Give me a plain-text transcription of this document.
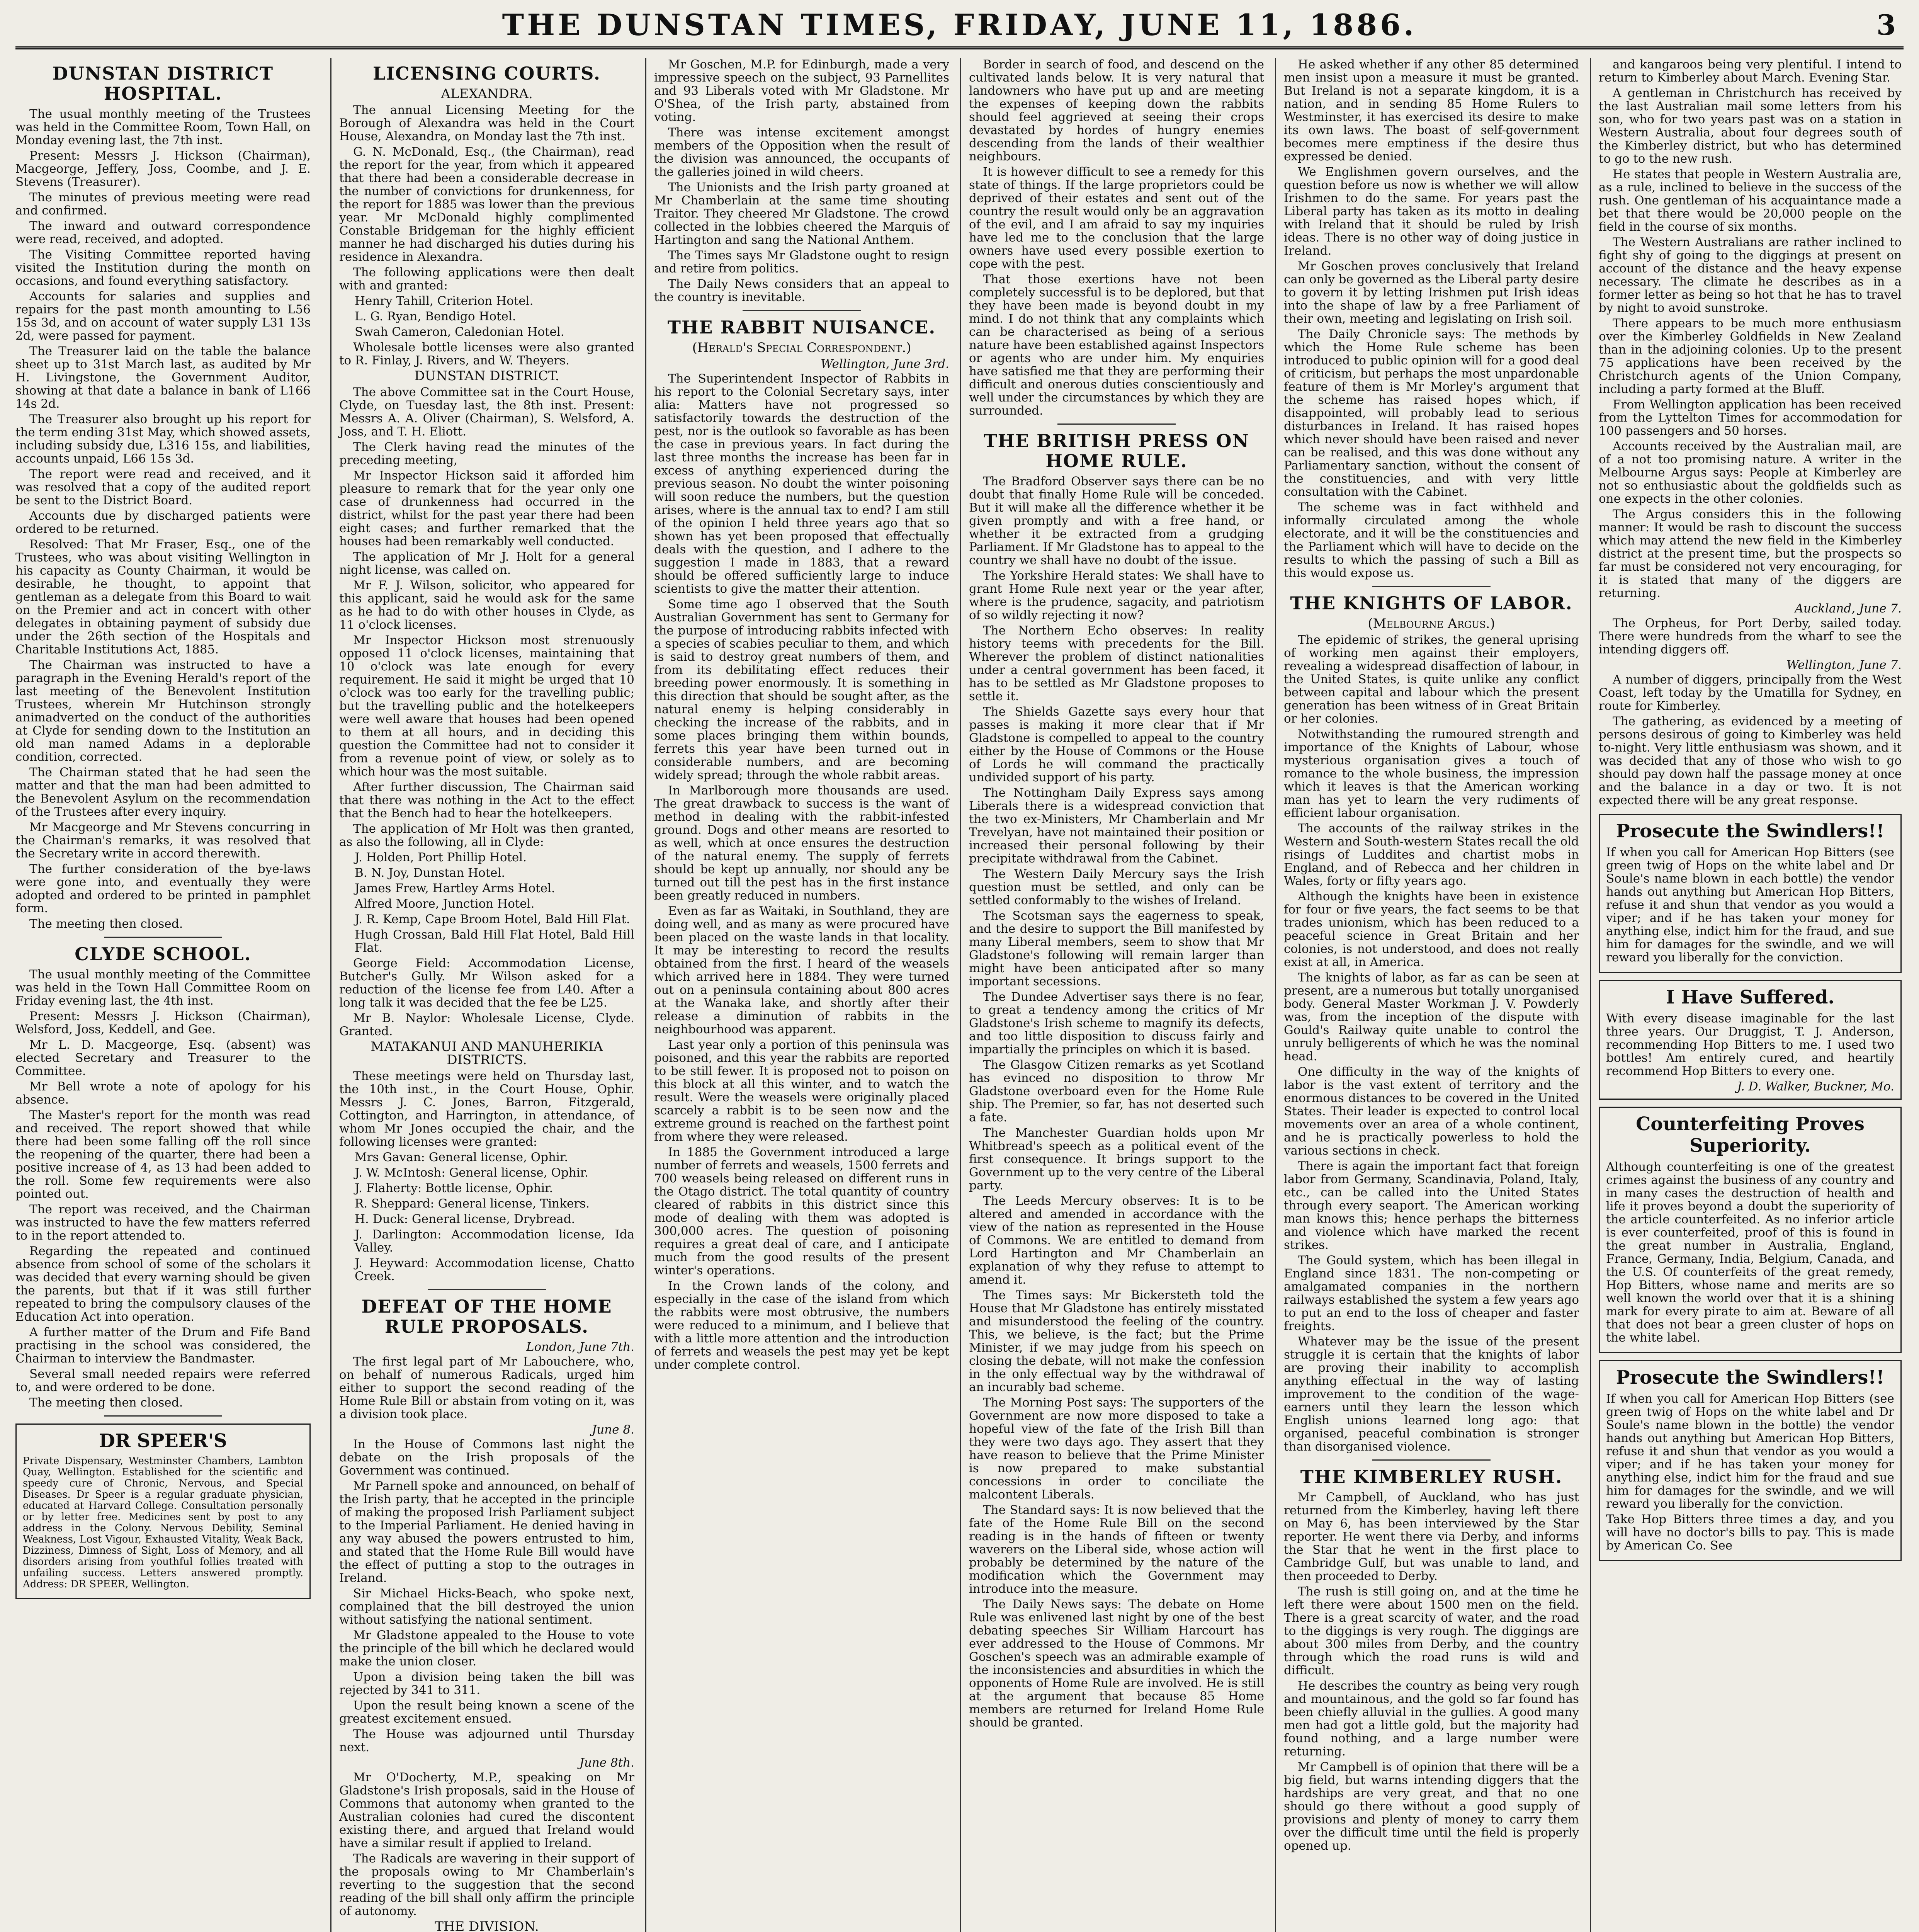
THE DUNSTAN TIMES, FRIDAY, JUNE 11, 1886.	3
DUNSTAN DISTRICT HOSPITAL.

The usual monthly meeting of the Trustees was held in the Committee Room, Town Hall, on Monday evening last, the 7th inst.

Present: Messrs J. Hickson (Chairman), Macgeorge, Jeffery, Joss, Coombe, and J. E. Stevens (Treasurer).

The minutes of previous meeting were read and confirmed.

The inward and outward correspondence were read, received, and adopted.

The Visiting Committee reported having visited the Institution during the month on occasions, and found everything satisfactory.

Accounts for salaries and supplies and repairs for the past month amounting to L56 15s 3d, and on account of water supply L31 13s 2d, were passed for payment.

The Treasurer laid on the table the balance sheet up to 31st March last, as audited by Mr H. Livingstone, the Government Auditor, showing at that date a balance in bank of L166 14s 2d.

The Treasurer also brought up his report for the term ending 31st May, which showed assets, including subsidy due, L316 15s, and liabilities, accounts unpaid, L66 15s 3d.

The report were read and received, and it was resolved that a copy of the audited report be sent to the District Board.

Accounts due by discharged patients were ordered to be returned.

Resolved: That Mr Fraser, Esq., one of the Trustees, who was about visiting Wellington in his capacity as County Chairman, it would be desirable, he thought, to appoint that gentleman as a delegate from this Board to wait on the Premier and act in concert with other delegates in obtaining payment of subsidy due under the 26th section of the Hospitals and Charitable Institutions Act, 1885.

The Chairman was instructed to have a paragraph in the Evening Herald's report of the last meeting of the Benevolent Institution Trustees, wherein Mr Hutchinson strongly animadverted on the conduct of the authorities at Clyde for sending down to the Institution an old man named Adams in a deplorable condition, corrected.

The Chairman stated that he had seen the matter and that the man had been admitted to the Benevolent Asylum on the recommendation of the Trustees after every inquiry.

Mr Macgeorge and Mr Stevens concurring in the Chairman's remarks, it was resolved that the Secretary write in accord therewith.

The further consideration of the bye-laws were gone into, and eventually they were adopted and ordered to be printed in pamphlet form.

The meeting then closed.

CLYDE SCHOOL.

The usual monthly meeting of the Committee was held in the Town Hall Committee Room on Friday evening last, the 4th inst.

Present: Messrs J. Hickson (Chairman), Welsford, Joss, Keddell, and Gee.

Mr L. D. Macgeorge, Esq. (absent) was elected Secretary and Treasurer to the Committee.

Mr Bell wrote a note of apology for his absence.

The Master's report for the month was read and received. The report showed that while there had been some falling off the roll since the reopening of the quarter, there had been a positive increase of 4, as 13 had been added to the roll. Some few requirements were also pointed out.

The report was received, and the Chairman was instructed to have the few matters referred to in the report attended to.

Regarding the repeated and continued absence from school of some of the scholars it was decided that every warning should be given the parents, but that if it was still further repeated to bring the compulsory clauses of the Education Act into operation.

A further matter of the Drum and Fife Band practising in the school was considered, the Chairman to interview the Bandmaster.

Several small needed repairs were referred to, and were ordered to be done.

The meeting then closed.

DR SPEER'S

Private Dispensary, Westminster Chambers, Lambton Quay, Wellington. Established for the scientific and speedy cure of Chronic, Nervous, and Special Diseases. Dr Speer is a regular graduate physician, educated at Harvard College. Consultation personally or by letter free. Medicines sent by post to any address in the Colony. Nervous Debility, Seminal Weakness, Lost Vigour, Exhausted Vitality, Weak Back, Dizziness, Dimness of Sight, Loss of Memory, and all disorders arising from youthful follies treated with unfailing success. Letters answered promptly. Address: DR SPEER, Wellington.

LICENSING COURTS.
ALEXANDRA.

The annual Licensing Meeting for the Borough of Alexandra was held in the Court House, Alexandra, on Monday last the 7th inst.

G. N. McDonald, Esq., (the Chairman), read the report for the year, from which it appeared that there had been a considerable decrease in the number of convictions for drunkenness, for the report for 1885 was lower than the previous year. Mr McDonald highly complimented Constable Bridgeman for the highly efficient manner he had discharged his duties during his residence in Alexandra.

The following applications were then dealt with and granted:

Henry Tahill, Criterion Hotel.

L. G. Ryan, Bendigo Hotel.

Swah Cameron, Caledonian Hotel.

Wholesale bottle licenses were also granted to R. Finlay, J. Rivers, and W. Theyers.

DUNSTAN DISTRICT.

The above Committee sat in the Court House, Clyde, on Tuesday last, the 8th inst. Present: Messrs A. A. Oliver (Chairman), S. Welsford, A. Joss, and T. H. Eliott.

The Clerk having read the minutes of the preceding meeting,

Mr Inspector Hickson said it afforded him pleasure to remark that for the year only one case of drunkenness had occurred in the district, whilst for the past year there had been eight cases; and further remarked that the houses had been remarkably well conducted.

The application of Mr J. Holt for a general night license, was called on.

Mr F. J. Wilson, solicitor, who appeared for this applicant, said he would ask for the same as he had to do with other houses in Clyde, as 11 o'clock licenses.

Mr Inspector Hickson most strenuously opposed 11 o'clock licenses, maintaining that 10 o'clock was late enough for every requirement. He said it might be urged that 10 o'clock was too early for the travelling public; but the travelling public and the hotelkeepers were well aware that houses had been opened to them at all hours, and in deciding this question the Committee had not to consider it from a revenue point of view, or solely as to which hour was the most suitable.

After further discussion, The Chairman said that there was nothing in the Act to the effect that the Bench had to hear the hotelkeepers.

The application of Mr Holt was then granted, as also the following, all in Clyde:

J. Holden, Port Phillip Hotel.

B. N. Joy, Dunstan Hotel.

James Frew, Hartley Arms Hotel.

Alfred Moore, Junction Hotel.

J. R. Kemp, Cape Broom Hotel, Bald Hill Flat.

Hugh Crossan, Bald Hill Flat Hotel, Bald Hill Flat.

George Field: Accommodation License, Butcher's Gully. Mr Wilson asked for a reduction of the license fee from L40. After a long talk it was decided that the fee be L25.

Mr B. Naylor: Wholesale License, Clyde. Granted.

MATAKANUI AND MANUHERIKIA DISTRICTS.

These meetings were held on Thursday last, the 10th inst., in the Court House, Ophir. Messrs J. C. Jones, Barron, Fitzgerald, Cottington, and Harrington, in attendance, of whom Mr Jones occupied the chair, and the following licenses were granted:

Mrs Gavan: General license, Ophir.

J. W. McIntosh: General license, Ophir.

J. Flaherty: Bottle license, Ophir.

R. Sheppard: General license, Tinkers.

H. Duck: General license, Drybread.

J. Darlington: Accommodation license, Ida Valley.

J. Heyward: Accommodation license, Chatto Creek.

DEFEAT OF THE HOME RULE PROPOSALS.
London, June 7th.

The first legal part of Mr Labouchere, who, on behalf of numerous Radicals, urged him either to support the second reading of the Home Rule Bill or abstain from voting on it, was a division took place.

June 8.

In the House of Commons last night the debate on the Irish proposals of the Government was continued.

Mr Parnell spoke and announced, on behalf of the Irish party, that he accepted in the principle of making the proposed Irish Parliament subject to the Imperial Parliament. He denied having in any way abused the powers entrusted to him, and stated that the Home Rule Bill would have the effect of putting a stop to the outrages in Ireland.

Sir Michael Hicks-Beach, who spoke next, complained that the bill destroyed the union without satisfying the national sentiment.

Mr Gladstone appealed to the House to vote the principle of the bill which he declared would make the union closer.

Upon a division being taken the bill was rejected by 341 to 311.

Upon the result being known a scene of the greatest excitement ensued.

The House was adjourned until Thursday next.

June 8th.

Mr O'Docherty, M.P., speaking on Mr Gladstone's Irish proposals, said in the House of Commons that autonomy when granted to the Australian colonies had cured the discontent existing there, and argued that Ireland would have a similar result if applied to Ireland.

The Radicals are wavering in their support of the proposals owing to Mr Chamberlain's reverting to the suggestion that the second reading of the bill shall only affirm the principle of autonomy.

THE DIVISION.

Mr Goschen, M.P. for Edinburgh, made a very impressive speech on the subject, 93 Parnellites and 93 Liberals voted with Mr Gladstone. Mr O'Shea, of the Irish party, abstained from voting.

There was intense excitement amongst members of the Opposition when the result of the division was announced, the occupants of the galleries joined in wild cheers.

The Unionists and the Irish party groaned at Mr Chamberlain at the same time shouting Traitor. They cheered Mr Gladstone. The crowd collected in the lobbies cheered the Marquis of Hartington and sang the National Anthem.

The Times says Mr Gladstone ought to resign and retire from politics.

The Daily News considers that an appeal to the country is inevitable.

THE RABBIT NUISANCE.
(Herald's Special Correspondent.)
Wellington, June 3rd.

The Superintendent Inspector of Rabbits in his report to the Colonial Secretary says, inter alia: Matters have not progressed so satisfactorily towards the destruction of the pest, nor is the outlook so favorable as has been the case in previous years. In fact during the last three months the increase has been far in excess of anything experienced during the previous season. No doubt the winter poisoning will soon reduce the numbers, but the question arises, where is the annual tax to end? I am still of the opinion I held three years ago that so shown has yet been proposed that effectually deals with the question, and I adhere to the suggestion I made in 1883, that a reward should be offered sufficiently large to induce scientists to give the matter their attention.

Some time ago I observed that the South Australian Government has sent to Germany for the purpose of introducing rabbits infected with a species of scabies peculiar to them, and which is said to destroy great numbers of them, and from its debilitating effect reduces their breeding power enormously. It is something in this direction that should be sought after, as the natural enemy is helping considerably in checking the increase of the rabbits, and in some places bringing them within bounds, ferrets this year have been turned out in considerable numbers, and are becoming widely spread; through the whole rabbit areas.

In Marlborough more thousands are used. The great drawback to success is the want of method in dealing with the rabbit-infested ground. Dogs and other means are resorted to as well, which at once ensures the destruction of the natural enemy. The supply of ferrets should be kept up annually, nor should any be turned out till the pest has in the first instance been greatly reduced in numbers.

Even as far as Waitaki, in Southland, they are doing well, and as many as were procured have been placed on the waste lands in that locality. It may be interesting to record the results obtained from the first. I heard of the weasels which arrived here in 1884. They were turned out on a peninsula containing about 800 acres at the Wanaka lake, and shortly after their release a diminution of rabbits in the neighbourhood was apparent.

Last year only a portion of this peninsula was poisoned, and this year the rabbits are reported to be still fewer. It is proposed not to poison on this block at all this winter, and to watch the result. Were the weasels were originally placed scarcely a rabbit is to be seen now and the extreme ground is reached on the farthest point from where they were released.

In 1885 the Government introduced a large number of ferrets and weasels, 1500 ferrets and 700 weasels being released on different runs in the Otago district. The total quantity of country cleared of rabbits in this district since this mode of dealing with them was adopted is 300,000 acres. The question of poisoning requires a great deal of care, and I anticipate much from the good results of the present winter's operations.

In the Crown lands of the colony, and especially in the case of the island from which the rabbits were most obtrusive, the numbers were reduced to a minimum, and I believe that with a little more attention and the introduction of ferrets and weasels the pest may yet be kept under complete control.

Border in search of food, and descend on the cultivated lands below. It is very natural that landowners who have put up and are meeting the expenses of keeping down the rabbits should feel aggrieved at seeing their crops devastated by hordes of hungry enemies descending from the lands of their wealthier neighbours.

It is however difficult to see a remedy for this state of things. If the large proprietors could be deprived of their estates and sent out of the country the result would only be an aggravation of the evil, and I am afraid to say my inquiries have led me to the conclusion that the large owners have used every possible exertion to cope with the pest.

That those exertions have not been completely successful is to be deplored, but that they have been made is beyond doubt in my mind. I do not think that any complaints which can be characterised as being of a serious nature have been established against Inspectors or agents who are under him. My enquiries have satisfied me that they are performing their difficult and onerous duties conscientiously and well under the circumstances by which they are surrounded.

THE BRITISH PRESS ON HOME RULE.

The Bradford Observer says there can be no doubt that finally Home Rule will be conceded. But it will make all the difference whether it be given promptly and with a free hand, or whether it be extracted from a grudging Parliament. If Mr Gladstone has to appeal to the country we shall have no doubt of the issue.

The Yorkshire Herald states: We shall have to grant Home Rule next year or the year after, where is the prudence, sagacity, and patriotism of so wildly rejecting it now?

The Northern Echo observes: In reality history teems with precedents for the Bill. Wherever the problem of distinct nationalities under a central government has been faced, it has to be settled as Mr Gladstone proposes to settle it.

The Shields Gazette says every hour that passes is making it more clear that if Mr Gladstone is compelled to appeal to the country either by the House of Commons or the House of Lords he will command the practically undivided support of his party.

The Nottingham Daily Express says among Liberals there is a widespread conviction that the two ex-Ministers, Mr Chamberlain and Mr Trevelyan, have not maintained their position or increased their personal following by their precipitate withdrawal from the Cabinet.

The Western Daily Mercury says the Irish question must be settled, and only can be settled conformably to the wishes of Ireland.

The Scotsman says the eagerness to speak, and the desire to support the Bill manifested by many Liberal members, seem to show that Mr Gladstone's following will remain larger than might have been anticipated after so many important secessions.

The Dundee Advertiser says there is no fear, to great a tendency among the critics of Mr Gladstone's Irish scheme to magnify its defects, and too little disposition to discuss fairly and impartially the principles on which it is based.

The Glasgow Citizen remarks as yet Scotland has evinced no disposition to throw Mr Gladstone overboard even for the Home Rule ship. The Premier, so far, has not deserted such a fate.

The Manchester Guardian holds upon Mr Whitbread's speech as a political event of the first consequence. It brings support to the Government up to the very centre of the Liberal party.

The Leeds Mercury observes: It is to be altered and amended in accordance with the view of the nation as represented in the House of Commons. We are entitled to demand from Lord Hartington and Mr Chamberlain an explanation of why they refuse to attempt to amend it.

The Times says: Mr Bickersteth told the House that Mr Gladstone has entirely misstated and misunderstood the feeling of the country. This, we believe, is the fact; but the Prime Minister, if we may judge from his speech on closing the debate, will not make the confession in the only effectual way by the withdrawal of an incurably bad scheme.

The Morning Post says: The supporters of the Government are now more disposed to take a hopeful view of the fate of the Irish Bill than they were two days ago. They assert that they have reason to believe that the Prime Minister is now prepared to make substantial concessions in order to conciliate the malcontent Liberals.

The Standard says: It is now believed that the fate of the Home Rule Bill on the second reading is in the hands of fifteen or twenty waverers on the Liberal side, whose action will probably be determined by the nature of the modification which the Government may introduce into the measure.

The Daily News says: The debate on Home Rule was enlivened last night by one of the best debating speeches Sir William Harcourt has ever addressed to the House of Commons. Mr Goschen's speech was an admirable example of the inconsistencies and absurdities in which the opponents of Home Rule are involved. He is still at the argument that because 85 Home members are returned for Ireland Home Rule should be granted.

He asked whether if any other 85 determined men insist upon a measure it must be granted. But Ireland is not a separate kingdom, it is a nation, and in sending 85 Home Rulers to Westminster, it has exercised its desire to make its own laws. The boast of self-government becomes mere emptiness if the desire thus expressed be denied.

We Englishmen govern ourselves, and the question before us now is whether we will allow Irishmen to do the same. For years past the Liberal party has taken as its motto in dealing with Ireland that it should be ruled by Irish ideas. There is no other way of doing justice in Ireland.

Mr Goschen proves conclusively that Ireland can only be governed as the Liberal party desire to govern it by letting Irishmen put Irish ideas into the shape of law by a free Parliament of their own, meeting and legislating on Irish soil.

The Daily Chronicle says: The methods by which the Home Rule scheme has been introduced to public opinion will for a good deal of criticism, but perhaps the most unpardonable feature of them is Mr Morley's argument that the scheme has raised hopes which, if disappointed, will probably lead to serious disturbances in Ireland. It has raised hopes which never should have been raised and never can be realised, and this was done without any Parliamentary sanction, without the consent of the constituencies, and with very little consultation with the Cabinet.

The scheme was in fact withheld and informally circulated among the whole electorate, and it will be the constituencies and the Parliament which will have to decide on the results to which the passing of such a Bill as this would expose us.

THE KNIGHTS OF LABOR.
(Melbourne Argus.)

The epidemic of strikes, the general uprising of working men against their employers, revealing a widespread disaffection of labour, in the United States, is quite unlike any conflict between capital and labour which the present generation has been witness of in Great Britain or her colonies.

Notwithstanding the rumoured strength and importance of the Knights of Labour, whose mysterious organisation gives a touch of romance to the whole business, the impression which it leaves is that the American working man has yet to learn the very rudiments of efficient labour organisation.

The accounts of the railway strikes in the Western and South-western States recall the old risings of Luddites and chartist mobs in England, and of Rebecca and her children in Wales, forty or fifty years ago.

Although the knights have been in existence for four or five years, the fact seems to be that trades unionism, which has been reduced to a peaceful science in Great Britain and her colonies, is not understood, and does not really exist at all, in America.

The knights of labor, as far as can be seen at present, are a numerous but totally unorganised body. General Master Workman J. V. Powderly was, from the inception of the dispute with Gould's Railway quite unable to control the unruly belligerents of which he was the nominal head.

One difficulty in the way of the knights of labor is the vast extent of territory and the enormous distances to be covered in the United States. Their leader is expected to control local movements over an area of a whole continent, and he is practically powerless to hold the various sections in check.

There is again the important fact that foreign labor from Germany, Scandinavia, Poland, Italy, etc., can be called into the United States through every seaport. The American working man knows this; hence perhaps the bitterness and violence which have marked the recent strikes.

The Gould system, which has been illegal in England since 1831. The non-competing or amalgamated companies in the northern railways established the system a few years ago to put an end to the loss of cheaper and faster freights.

Whatever may be the issue of the present struggle it is certain that the knights of labor are proving their inability to accomplish anything effectual in the way of lasting improvement to the condition of the wage-earners until they learn the lesson which English unions learned long ago: that organised, peaceful combination is stronger than disorganised violence.

THE KIMBERLEY RUSH.

Mr Campbell, of Auckland, who has just returned from the Kimberley, having left there on May 6, has been interviewed by the Star reporter. He went there via Derby, and informs the Star that he went in the first place to Cambridge Gulf, but was unable to land, and then proceeded to Derby.

The rush is still going on, and at the time he left there were about 1500 men on the field. There is a great scarcity of water, and the road to the diggings is very rough. The diggings are about 300 miles from Derby, and the country through which the road runs is wild and difficult.

He describes the country as being very rough and mountainous, and the gold so far found has been chiefly alluvial in the gullies. A good many men had got a little gold, but the majority had found nothing, and a large number were returning.

Mr Campbell is of opinion that there will be a big field, but warns intending diggers that the hardships are very great, and that no one should go there without a good supply of provisions and plenty of money to carry them over the difficult time until the field is properly opened up.

and kangaroos being very plentiful. I intend to return to Kimberley about March. Evening Star.

A gentleman in Christchurch has received by the last Australian mail some letters from his son, who for two years past was on a station in Western Australia, about four degrees south of the Kimberley district, but who has determined to go to the new rush.

He states that people in Western Australia are, as a rule, inclined to believe in the success of the rush. One gentleman of his acquaintance made a bet that there would be 20,000 people on the field in the course of six months.

The Western Australians are rather inclined to fight shy of going to the diggings at present on account of the distance and the heavy expense necessary. The climate he describes as in a former letter as being so hot that he has to travel by night to avoid sunstroke.

There appears to be much more enthusiasm over the Kimberley Goldfields in New Zealand than in the adjoining colonies. Up to the present 75 applications have been received by the Christchurch agents of the Union Company, including a party formed at the Bluff.

From Wellington application has been received from the Lyttelton Times for accommodation for 100 passengers and 50 horses.

Accounts received by the Australian mail, are of a not too promising nature. A writer in the Melbourne Argus says: People at Kimberley are not so enthusiastic about the goldfields such as one expects in the other colonies.

The Argus considers this in the following manner: It would be rash to discount the success which may attend the new field in the Kimberley district at the present time, but the prospects so far must be considered not very encouraging, for it is stated that many of the diggers are returning.

Auckland, June 7.

The Orpheus, for Port Derby, sailed today. There were hundreds from the wharf to see the intending diggers off.

Wellington, June 7.

A number of diggers, principally from the West Coast, left today by the Umatilla for Sydney, en route for Kimberley.

The gathering, as evidenced by a meeting of persons desirous of going to Kimberley was held to-night. Very little enthusiasm was shown, and it was decided that any of those who wish to go should pay down half the passage money at once and the balance in a day or two. It is not expected there will be any great response.

Prosecute the Swindlers!!

If when you call for American Hop Bitters (see green twig of Hops on the white label and Dr Soule's name blown in each bottle) the vendor hands out anything but American Hop Bitters, refuse it and shun that vendor as you would a viper; and if he has taken your money for anything else, indict him for the fraud, and sue him for damages for the swindle, and we will reward you liberally for the conviction.

I Have Suffered.

With every disease imaginable for the last three years. Our Druggist, T. J. Anderson, recommending Hop Bitters to me. I used two bottles! Am entirely cured, and heartily recommend Hop Bitters to every one.

J. D. Walker, Buckner, Mo.
Counterfeiting Proves Superiority.

Although counterfeiting is one of the greatest crimes against the business of any country and in many cases the destruction of health and life it proves beyond a doubt the superiority of the article counterfeited. As no inferior article is ever counterfeited, proof of this is found in the great number in Australia, England, France, Germany, India, Belgium, Canada, and the U.S. Of counterfeits of the great remedy, Hop Bitters, whose name and merits are so well known the world over that it is a shining mark for every pirate to aim at. Beware of all that does not bear a green cluster of hops on the white label.

Prosecute the Swindlers!!

If when you call for American Hop Bitters (see green twig of Hops on the white label and Dr Soule's name blown in the bottle) the vendor hands out anything but American Hop Bitters, refuse it and shun that vendor as you would a viper; and if he has taken your money for anything else, indict him for the fraud and sue him for damages for the swindle, and we will reward you liberally for the conviction.

Take Hop Bitters three times a day, and you will have no doctor's bills to pay. This is made by American Co. See
